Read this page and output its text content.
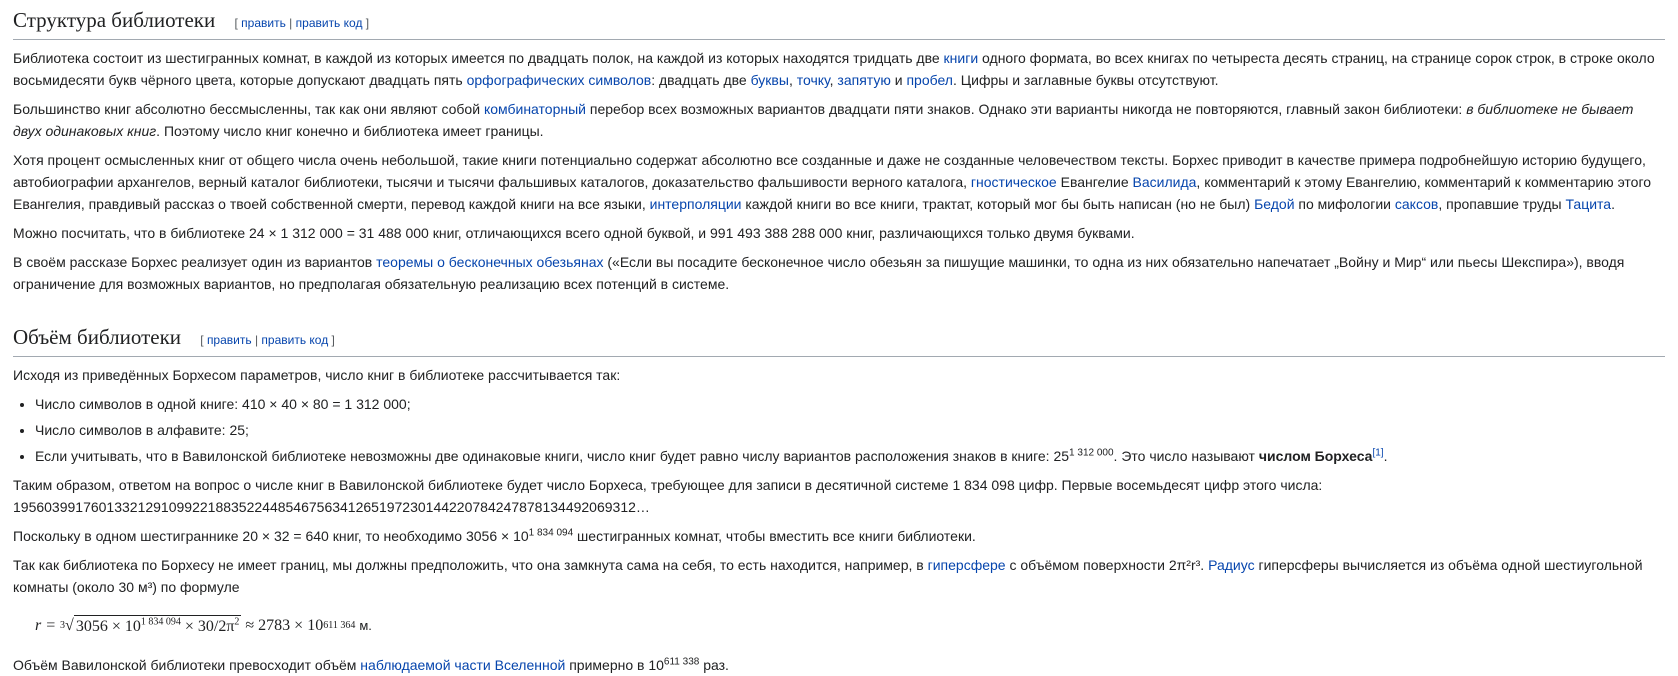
Структура библиотеки [ править | править код ]

Библиотека состоит из шестигранных комнат, в каждой из которых имеется по двадцать полок, на каждой из которых находятся тридцать две книги одного формата, во всех книгах по четыреста десять страниц, на странице сорок строк, в строке около восьмидесяти букв чёрного цвета, которые допускают двадцать пять орфографических символов: двадцать две буквы, точку, запятую и пробел. Цифры и заглавные буквы отсутствуют.

Большинство книг абсолютно бессмысленны, так как они являют собой комбинаторный перебор всех возможных вариантов двадцати пяти знаков. Однако эти варианты никогда не повторяются, главный закон библиотеки: в библиотеке не бывает двух одинаковых книг. Поэтому число книг конечно и библиотека имеет границы.

Хотя процент осмысленных книг от общего числа очень небольшой, такие книги потенциально содержат абсолютно все созданные и даже не созданные человечеством тексты. Борхес приводит в качестве примера подробнейшую историю будущего, автобиографии архангелов, верный каталог библиотеки, тысячи и тысячи фальшивых каталогов, доказательство фальшивости верного каталога, гностическое Евангелие Василида, комментарий к этому Евангелию, комментарий к комментарию этого Евангелия, правдивый рассказ о твоей собственной смерти, перевод каждой книги на все языки, интерполяции каждой книги во все книги, трактат, который мог бы быть написан (но не был) Бедой по мифологии саксов, пропавшие труды Тацита.

Можно посчитать, что в библиотеке 24 × 1 312 000 = 31 488 000 книг, отличающихся всего одной буквой, и 991 493 388 288 000 книг, различающихся только двумя буквами.

В своём рассказе Борхес реализует один из вариантов теоремы о бесконечных обезьянах («Если вы посадите бесконечное число обезьян за пишущие машинки, то одна из них обязательно напечатает „Войну и Мир“ или пьесы Шекспира»), вводя ограничение для возможных вариантов, но предполагая обязательную реализацию всех потенций в системе.

Объём библиотеки [ править | править код ]

Исходя из приведённых Борхесом параметров, число книг в библиотеке рассчитывается так:

• Число символов в одной книге: 410 × 40 × 80 = 1 312 000;
• Число символов в алфавите: 25;
• Если учитывать, что в Вавилонской библиотеке невозможны две одинаковые книги, число книг будет равно числу вариантов расположения знаков в книге: $25^{1 312 000}$. Это число называют числом Борхеса[1].

Таким образом, ответом на вопрос о числе книг в Вавилонской библиотеке будет число Борхеса, требующее для записи в десятичной системе 1 834 098 цифр. Первые восемьдесят цифр этого числа: 1956039917601332129109922188352244854675634126519723014422078424787813449206931​2…

Поскольку в одном шестиграннике 20 × 32 = 640 книг, то необходимо $3056 \times 10^{1 834 094}$ шестигранных комнат, чтобы вместить все книги библиотеки.

Так как библиотека по Борхесу не имеет границ, мы должны предположить, что она замкнута сама на себя, то есть находится, например, в гиперсфере с объёмом поверхности 2π²r³. Радиус гиперсферы вычисляется из объёма одной шестиугольной комнаты (около 30 м³) по формуле

r = 3 √ $3056 \times 10^{1 834 094} \times 30/2\pi^2 \approx 2783 \times 10$ 611 364 м.

Объём Вавилонской библиотеки превосходит объём наблюдаемой части Вселенной примерно в $10^{611 338}$ раз.
